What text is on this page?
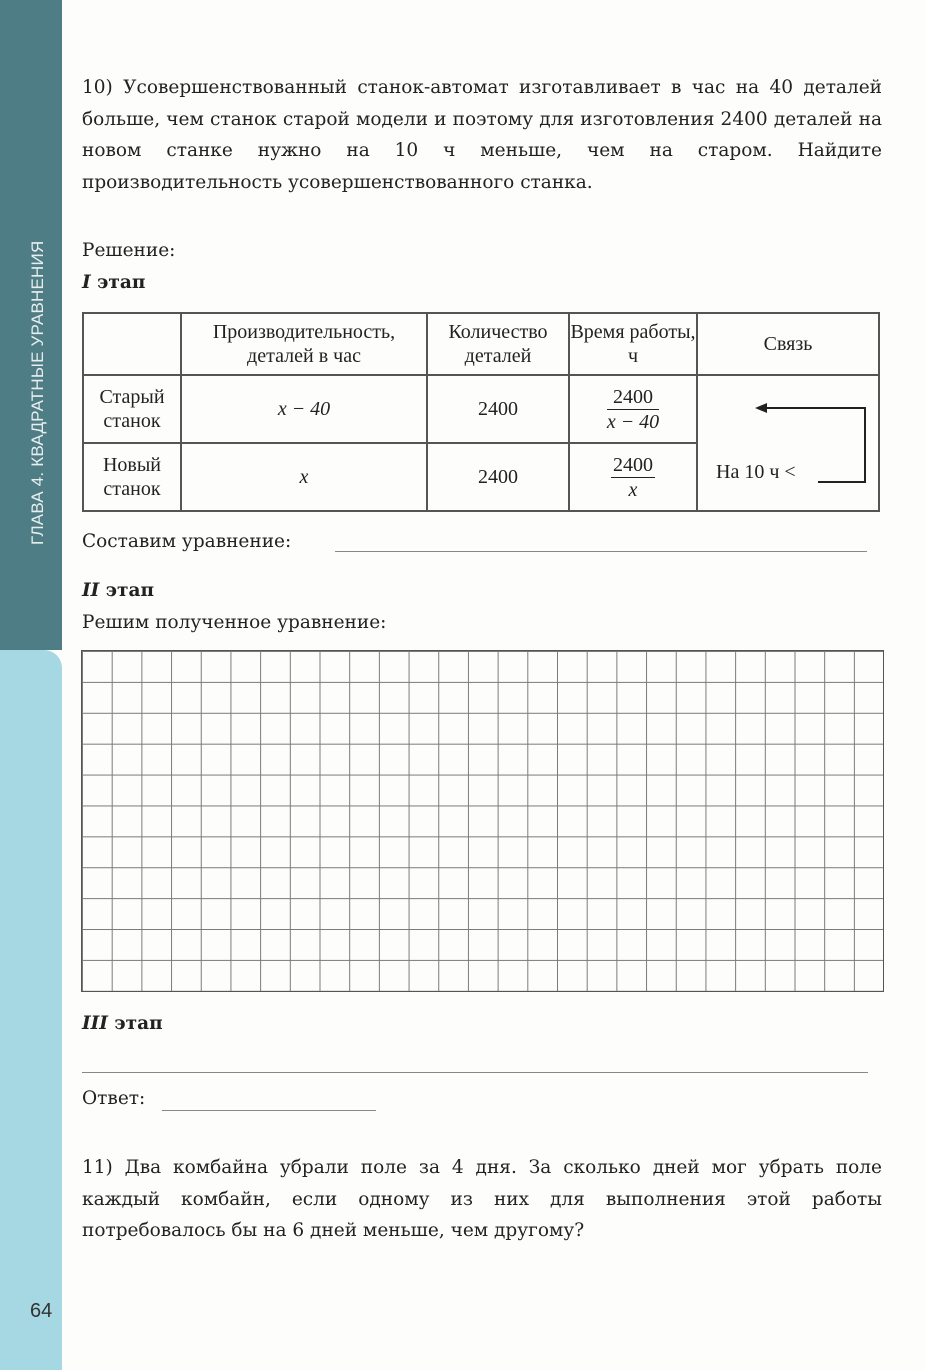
ГЛАВА 4. КВАДРАТНЫЕ УРАВНЕНИЯ
64
10) Усовершенствованный станок-автомат изготавливает в час на 40 деталей больше, чем станок старой модели и поэтому для изготовления 2400 деталей на новом станке нужно на 10 ч меньше, чем на старом. Найдите производительность усовершенствованного станка.
Решение:
I этап
	Производительность, деталей в час	Количество деталей	Время работы, ч	Связь
Старый станок	x − 40	2400	$\frac{2400}{x - 40}$	На 10 ч <

Новый станок	x	2400	$\frac{2400}{x}$
Составим уравнение:
II этап
Решим полученное уравнение:
III этап
Ответ:
11) Два комбайна убрали поле за 4 дня. За сколько дней мог убрать поле каждый комбайн, если одному из них для выполнения этой работы потребовалось бы на 6 дней меньше, чем другому?
